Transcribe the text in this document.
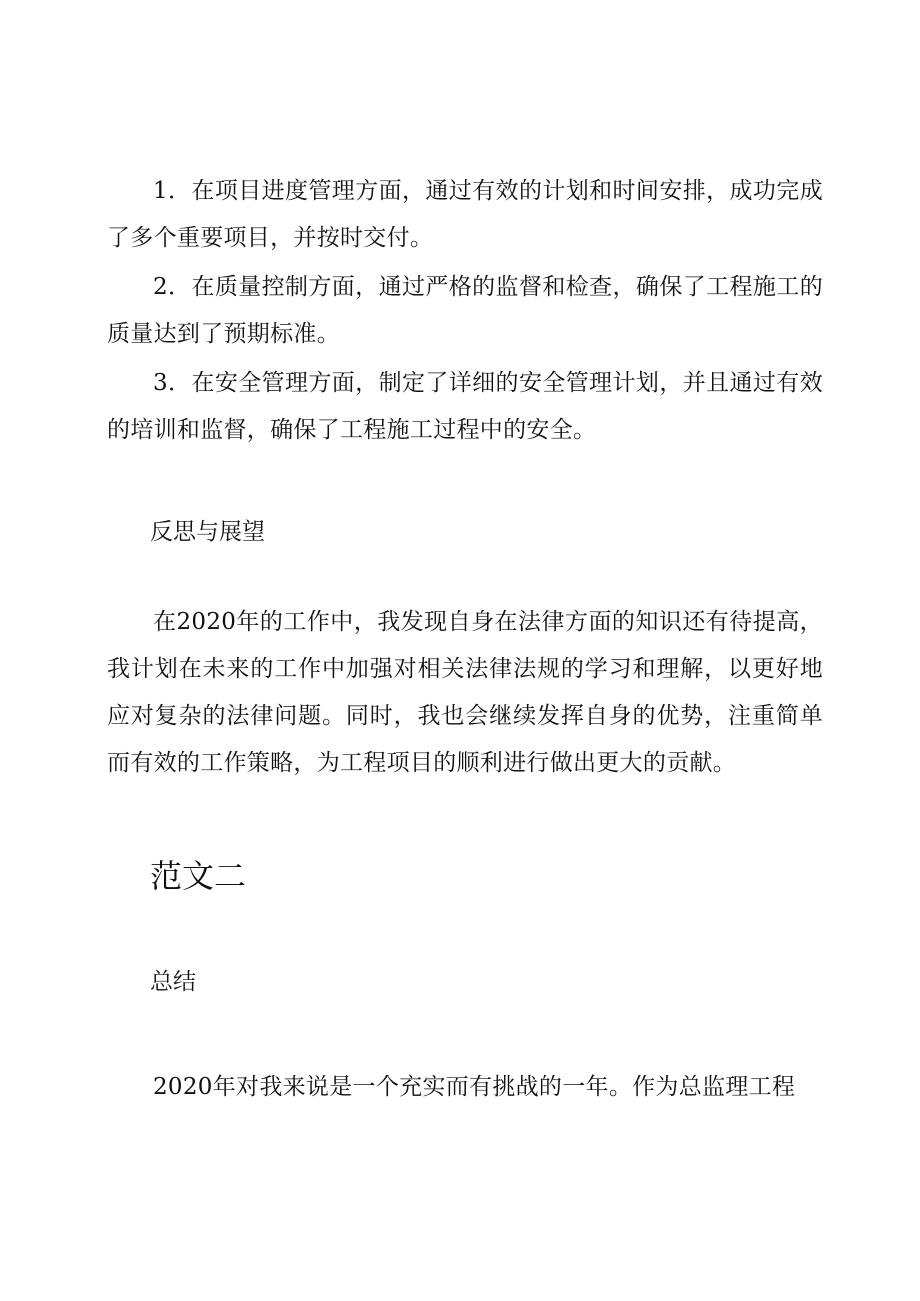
1．在项目进度管理方面，通过有效的计划和时间安排，成功完成了多个重要项目，并按时交付。

2．在质量控制方面，通过严格的监督和检查，确保了工程施工的质量达到了预期标准。

3．在安全管理方面，制定了详细的安全管理计划，并且通过有效的培训和监督，确保了工程施工过程中的安全。

反思与展望

在2020年的工作中，我发现自身在法律方面的知识还有待提高，我计划在未来的工作中加强对相关法律法规的学习和理解，以更好地应对复杂的法律问题。同时，我也会继续发挥自身的优势，注重简单而有效的工作策略，为工程项目的顺利进行做出更大的贡献。

范文二
总结

2020年对我来说是一个充实而有挑战的一年。作为总监理工程
